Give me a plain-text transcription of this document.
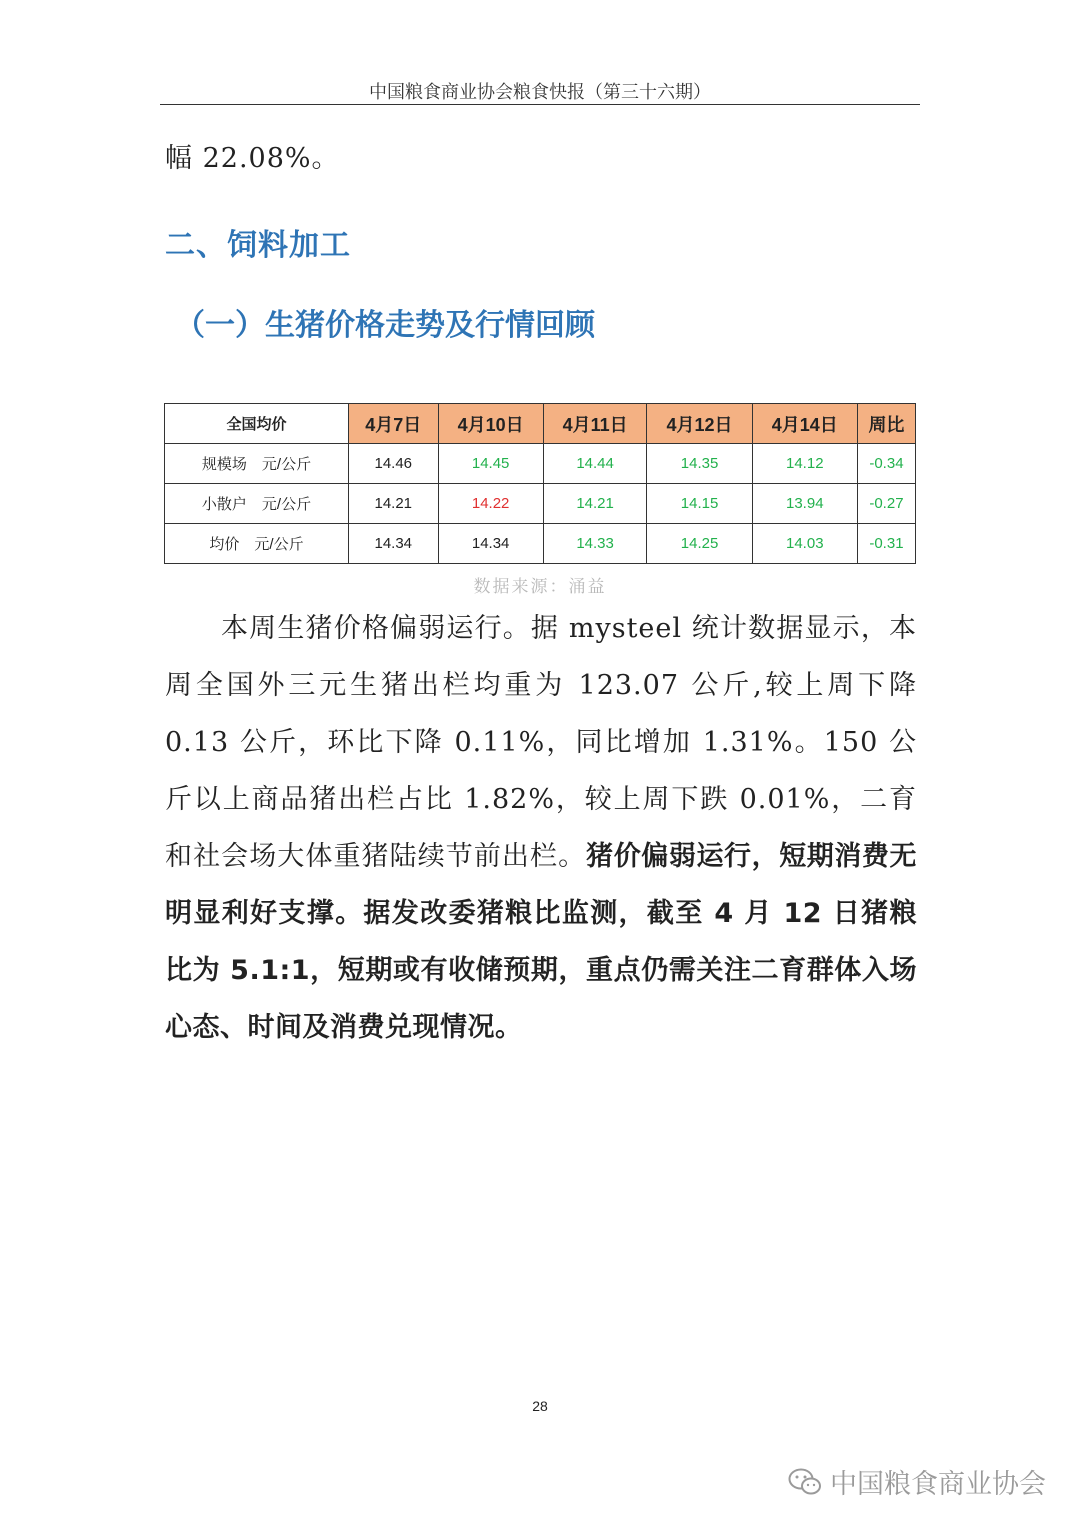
中国粮食商业协会粮食快报（第三十六期）
幅 22.08%。
二、饲料加工
（一）生猪价格走势及行情回顾
全国均价	4月7日	4月10日	4月11日	4月12日	4月14日	周比
规模场　元/公斤	14.46	14.45	14.44	14.35	14.12	-0.34
小散户　元/公斤	14.21	14.22	14.21	14.15	13.94	-0.27
均价　元/公斤	14.34	14.34	14.33	14.25	14.03	-0.31
数据来源：涌益
本周生猪价格偏弱运行。据 mysteel 统计数据显示，本周全国外三元生猪出栏均重为 123.07 公斤,较上周下降 0.13 公斤，环比下降 0.11%，同比增加 1.31%。150 公斤以上商品猪出栏占比 1.82%，较上周下跌 0.01%，二育和社会场大体重猪陆续节前出栏。猪价偏弱运行，短期消费无明显利好支撑。据发改委猪粮比监测，截至 4 月 12 日猪粮比为 5.1:1，短期或有收储预期，重点仍需关注二育群体入场心态、时间及消费兑现情况。
28
中国粮食商业协会
